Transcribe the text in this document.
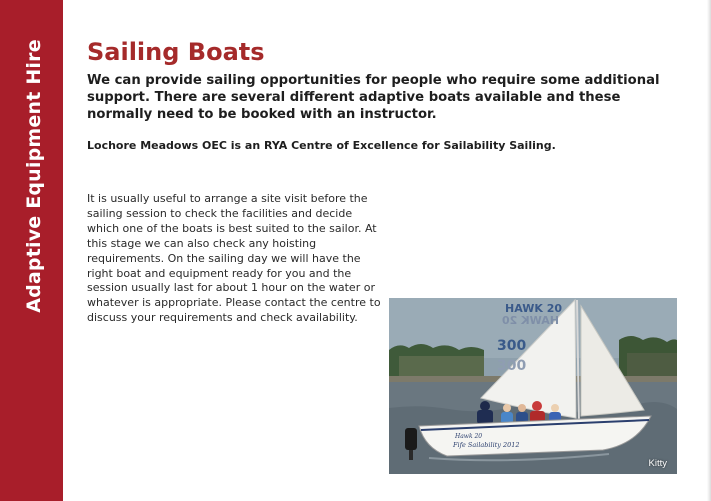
Adaptive Equipment Hire Sailing Boats

We can provide sailing opportunities for people who require some additional support. There are several different adaptive boats available and these normally need to be booked with an instructor.

Lochore Meadows OEC is an RYA Centre of Excellence for Sailability Sailing.

It is usually useful to arrange a site visit before the sailing session to check the facilities and decide which one of the boats is best suited to the sailor. At this stage we can also check any hoisting requirements. On the sailing day we will have the right boat and equipment ready for you and the session usually last for about 1 hour on the water or whatever is appropriate. Please contact the centre to discuss your requirements and check availability.

HAWK 20
HAWK 20
300
300
Hawk 20
Fife Sailability 2012
Kitty
